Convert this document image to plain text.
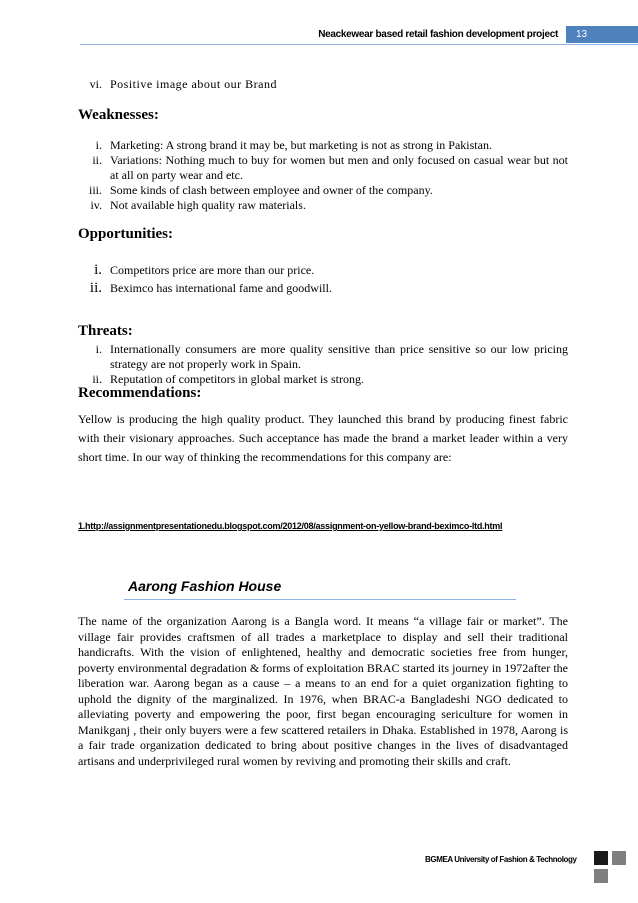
Neackewear based retail fashion development project	13
vi. Positive image about our Brand
Weaknesses:
i. Marketing: A strong brand it may be, but marketing is not as strong in Pakistan.
ii. Variations: Nothing much to buy for women but men and only focused on casual wear but not at all on party wear and etc.
iii. Some kinds of clash between employee and owner of the company.
iv. Not available high quality raw materials.
Opportunities:
i. Competitors price are more than our price.
ii. Beximco has international fame and goodwill.
Threats:
i. Internationally consumers are more quality sensitive than price sensitive so our low pricing strategy are not properly work in Spain.
ii. Reputation of competitors in global market is strong.
Recommendations:
Yellow is producing the high quality product. They launched this brand by producing finest fabric with their visionary approaches. Such acceptance has made the brand a market leader within a very short time. In our way of thinking the recommendations for this company are:
1.http://assignmentpresentationedu.blogspot.com/2012/08/assignment-on-yellow-brand-beximco-ltd.html
Aarong Fashion House
The name of the organization Aarong is a Bangla word. It means “a village fair or market”. The village fair provides craftsmen of all trades a marketplace to display and sell their traditional handicrafts. With the vision of enlightened, healthy and democratic societies free from hunger, poverty environmental degradation & forms of exploitation BRAC started its journey in 1972after the liberation war. Aarong began as a cause – a means to an end for a quiet organization fighting to uphold the dignity of the marginalized. In 1976, when BRAC-a Bangladeshi NGO dedicated to alleviating poverty and empowering the poor, first began encouraging sericulture for women in Manikganj , their only buyers were a few scattered retailers in Dhaka. Established in 1978, Aarong is a fair trade organization dedicated to bring about positive changes in the lives of disadvantaged artisans and underprivileged rural women by reviving and promoting their skills and craft.
BGMEA University of Fashion & Technology
